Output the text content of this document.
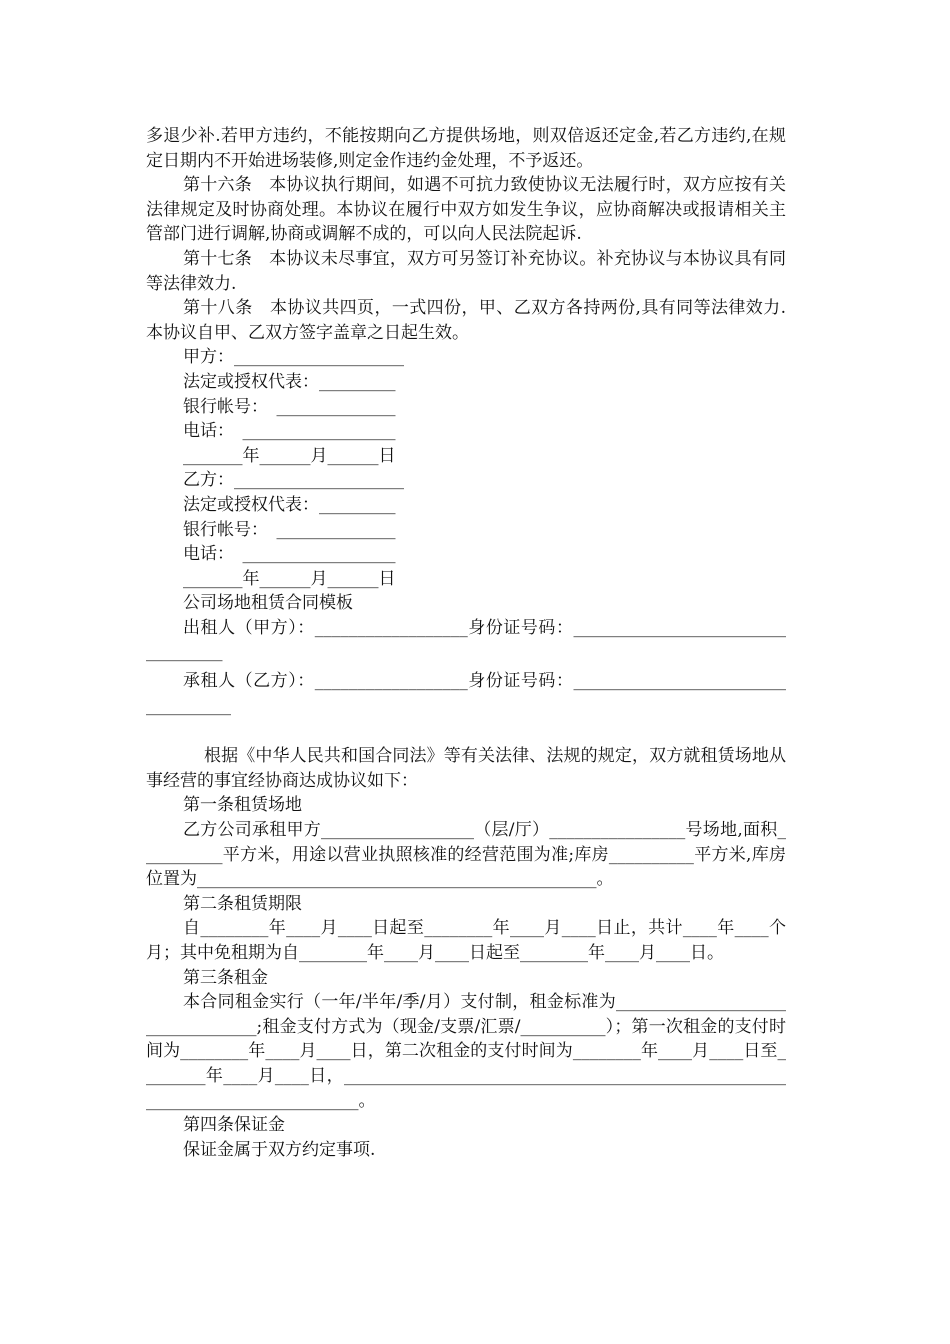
多退少补.若甲方违约，不能按期向乙方提供场地，则双倍返还定金,若乙方违约,在规定日期内不开始进场装修,则定金作违约金处理，不予返还。

第十六条　本协议执行期间，如遇不可抗力致使协议无法履行时，双方应按有关法律规定及时协商处理。本协议在履行中双方如发生争议，应协商解决或报请相关主管部门进行调解,协商或调解不成的，可以向人民法院起诉.

第十七条　本协议未尽事宜，双方可另签订补充协议。补充协议与本协议具有同等法律效力.

第十八条　本协议共四页，一式四份，甲、乙双方各持两份,具有同等法律效力.本协议自甲、乙双方签字盖章之日起生效。

甲方：____________________

法定或授权代表：_________

银行帐号：　______________

电话：　__________________

_______年______月______日

乙方：____________________

法定或授权代表：_________

银行帐号：　______________

电话：　__________________

_______年______月______日

公司场地租赁合同模板

出租人（甲方）：__________________身份证号码：__________________________________

承租人（乙方）：__________________身份证号码：___________________________________

根据《中华人民共和国合同法》等有关法律、法规的规定，双方就租赁场地从事经营的事宜经协商达成协议如下：

第一条租赁场地

乙方公司承租甲方__________________（层/厅）________________号场地,面积__________平方米，用途以营业执照核准的经营范围为准;库房__________平方米,库房位置为_______________________________________________。

第二条租赁期限

自________年____月____日起至________年____月____日止，共计____年____个月；其中免租期为自________年____月____日起至________年____月____日。

第三条租金

本合同租金实行（一年/半年/季/月）支付制，租金标准为_________________________________;租金支付方式为（现金/支票/汇票/__________）；第一次租金的支付时间为________年____月____日，第二次租金的支付时间为________年____月____日至________年____月____日，_____________________________________________________________________________。

第四条保证金

保证金属于双方约定事项.
